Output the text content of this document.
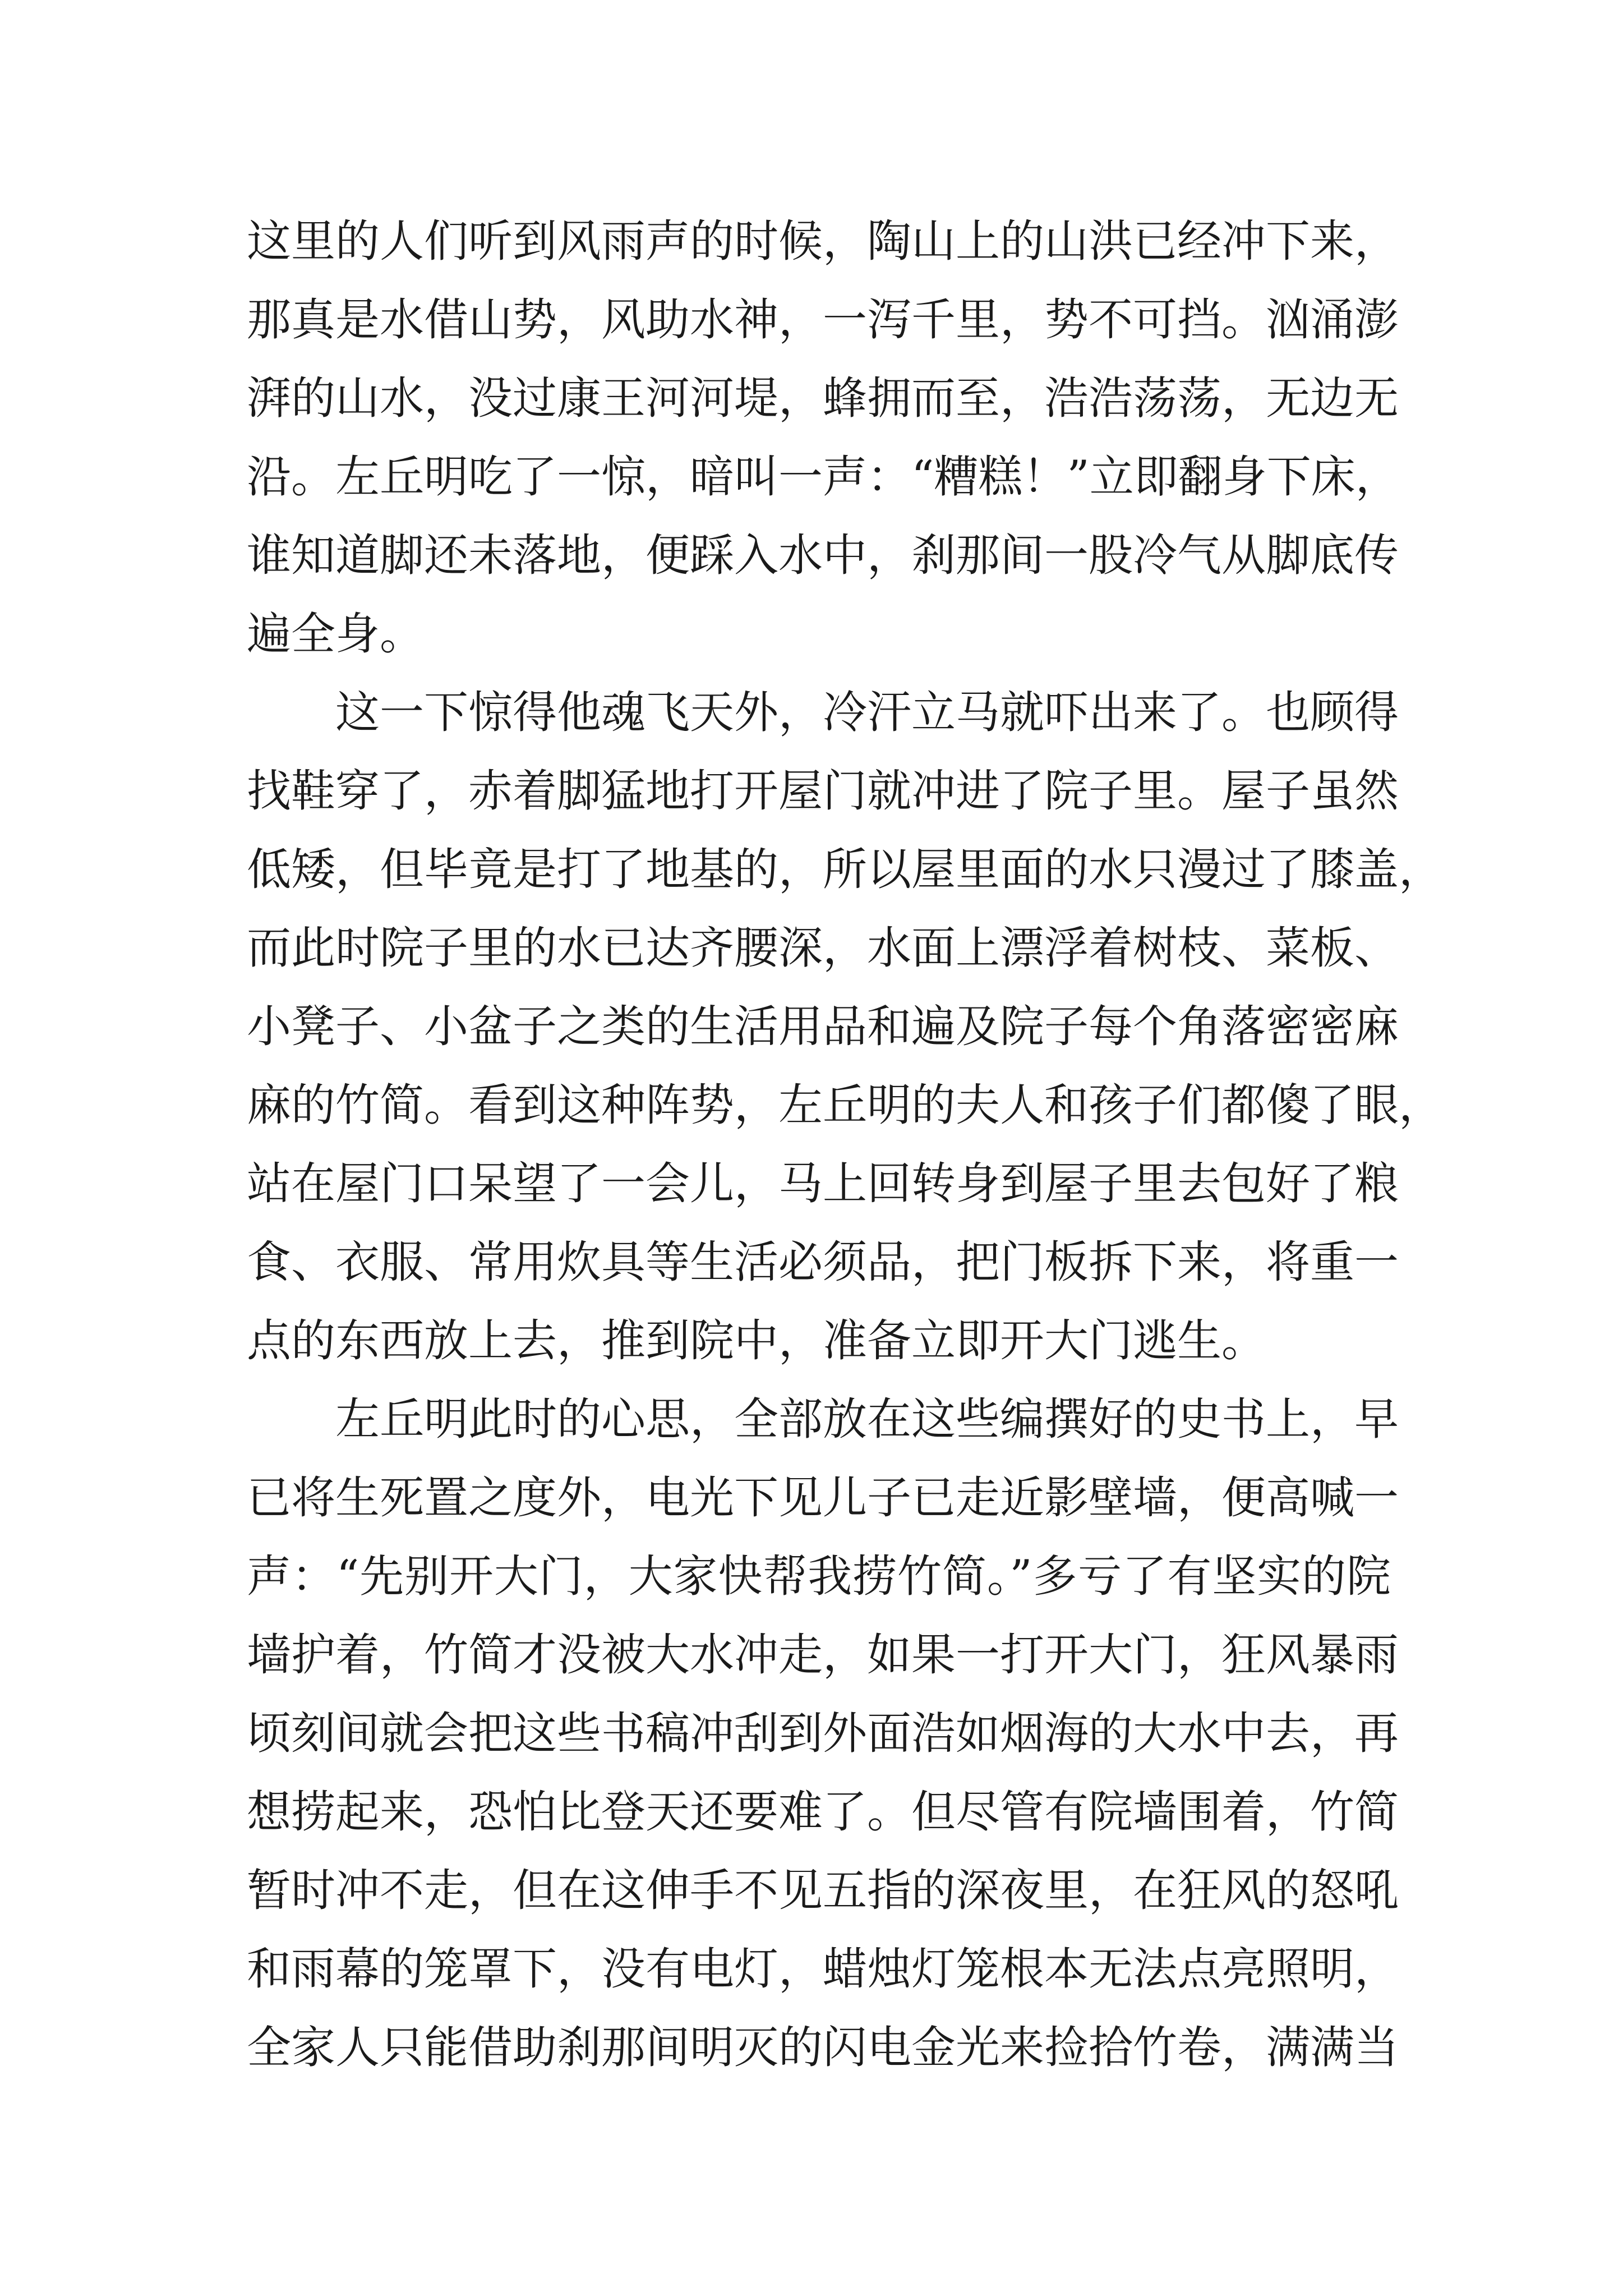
这里的人们听到风雨声的时候，陶山上的山洪已经冲下来，
那真是水借山势，风助水神，一泻千里，势不可挡。汹涌澎
湃的山水，没过康王河河堤，蜂拥而至，浩浩荡荡，无边无
沿。左丘明吃了一惊，暗叫一声：“糟糕！”立即翻身下床，
谁知道脚还未落地，便踩入水中，刹那间一股冷气从脚底传
遍全身。
　　这一下惊得他魂飞天外，冷汗立马就吓出来了。也顾得
找鞋穿了，赤着脚猛地打开屋门就冲进了院子里。屋子虽然
低矮，但毕竟是打了地基的，所以屋里面的水只漫过了膝盖，
而此时院子里的水已达齐腰深，水面上漂浮着树枝、菜板、
小凳子、小盆子之类的生活用品和遍及院子每个角落密密麻
麻的竹简。看到这种阵势，左丘明的夫人和孩子们都傻了眼，
站在屋门口呆望了一会儿，马上回转身到屋子里去包好了粮
食、衣服、常用炊具等生活必须品，把门板拆下来，将重一
点的东西放上去，推到院中，准备立即开大门逃生。
　　左丘明此时的心思，全部放在这些编撰好的史书上，早
已将生死置之度外，电光下见儿子已走近影壁墙，便高喊一
声：“先别开大门，大家快帮我捞竹简。”多亏了有坚实的院
墙护着，竹简才没被大水冲走，如果一打开大门，狂风暴雨
顷刻间就会把这些书稿冲刮到外面浩如烟海的大水中去，再
想捞起来，恐怕比登天还要难了。但尽管有院墙围着，竹简
暂时冲不走，但在这伸手不见五指的深夜里，在狂风的怒吼
和雨幕的笼罩下，没有电灯，蜡烛灯笼根本无法点亮照明，
全家人只能借助刹那间明灭的闪电金光来捡拾竹卷，满满当
